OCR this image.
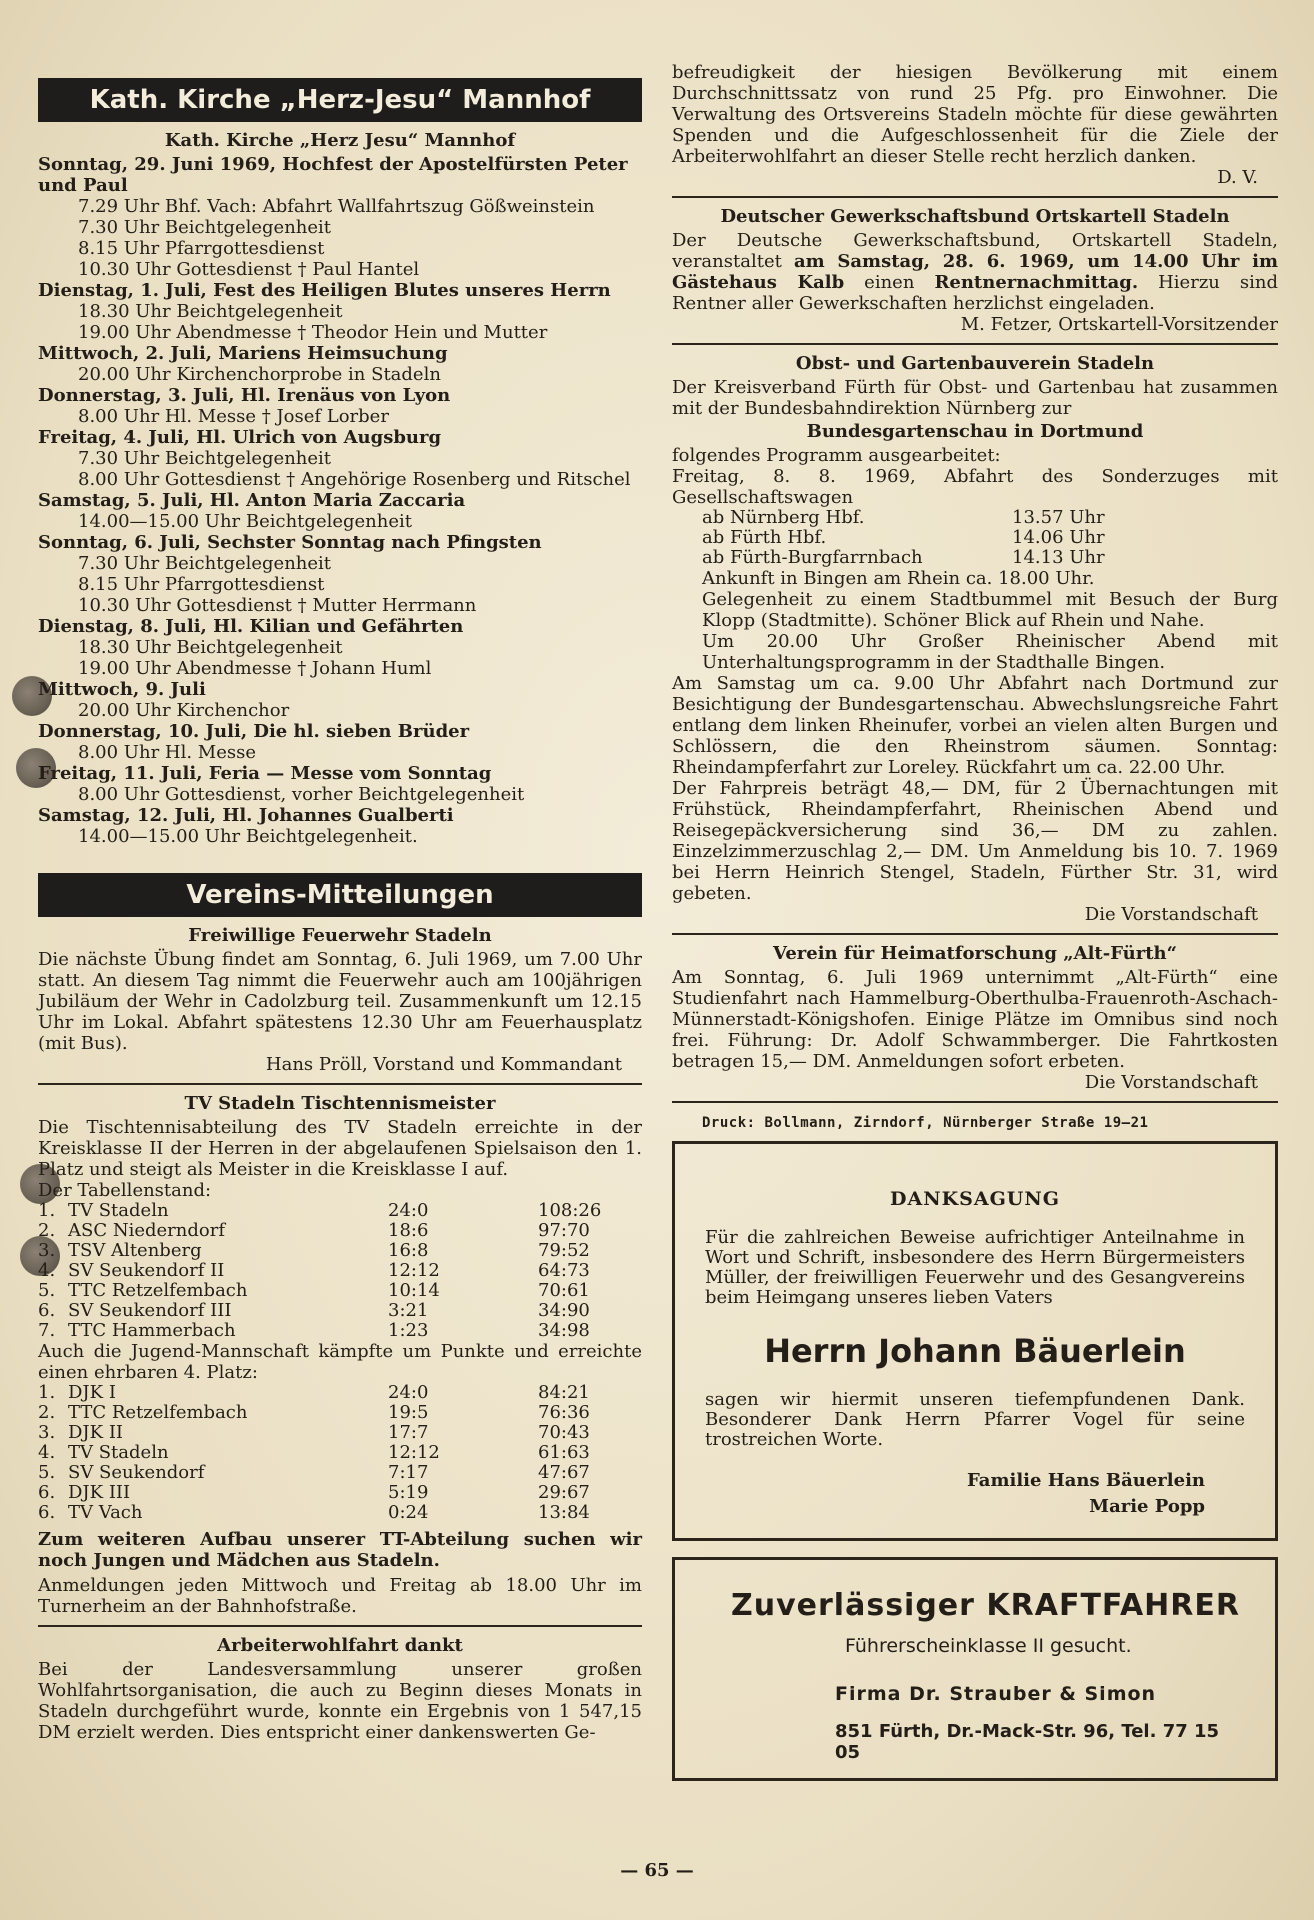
Kath. Kirche „Herz-Jesu“ Mannhof
Kath. Kirche „Herz Jesu“ Mannhof
Sonntag, 29. Juni 1969, Hochfest der Apostelfürsten Peter und Paul
7.29 Uhr Bhf. Vach: Abfahrt Wallfahrtszug Gößweinstein
7.30 Uhr Beichtgelegenheit
8.15 Uhr Pfarrgottesdienst
10.30 Uhr Gottesdienst † Paul Hantel
Dienstag, 1. Juli, Fest des Heiligen Blutes unseres Herrn
18.30 Uhr Beichtgelegenheit
19.00 Uhr Abendmesse † Theodor Hein und Mutter
Mittwoch, 2. Juli, Mariens Heimsuchung
20.00 Uhr Kirchenchorprobe in Stadeln
Donnerstag, 3. Juli, Hl. Irenäus von Lyon
8.00 Uhr Hl. Messe † Josef Lorber
Freitag, 4. Juli, Hl. Ulrich von Augsburg
7.30 Uhr Beichtgelegenheit
8.00 Uhr Gottesdienst † Angehörige Rosenberg und Ritschel
Samstag, 5. Juli, Hl. Anton Maria Zaccaria
14.00—15.00 Uhr Beichtgelegenheit
Sonntag, 6. Juli, Sechster Sonntag nach Pfingsten
7.30 Uhr Beichtgelegenheit
8.15 Uhr Pfarrgottesdienst
10.30 Uhr Gottesdienst † Mutter Herrmann
Dienstag, 8. Juli, Hl. Kilian und Gefährten
18.30 Uhr Beichtgelegenheit
19.00 Uhr Abendmesse † Johann Huml
Mittwoch, 9. Juli
20.00 Uhr Kirchenchor
Donnerstag, 10. Juli, Die hl. sieben Brüder
8.00 Uhr Hl. Messe
Freitag, 11. Juli, Feria — Messe vom Sonntag
8.00 Uhr Gottesdienst, vorher Beichtgelegenheit
Samstag, 12. Juli, Hl. Johannes Gualberti
14.00—15.00 Uhr Beichtgelegenheit.
Vereins-Mitteilungen
Freiwillige Feuerwehr Stadeln

Die nächste Übung findet am Sonntag, 6. Juli 1969, um 7.00 Uhr statt. An diesem Tag nimmt die Feuerwehr auch am 100jährigen Jubiläum der Wehr in Cadolzburg teil. Zusammenkunft um 12.15 Uhr im Lokal. Abfahrt spätestens 12.30 Uhr am Feuerhausplatz (mit Bus).

Hans Pröll, Vorstand und Kommandant
TV Stadeln Tischtennismeister

Die Tischtennisabteilung des TV Stadeln erreichte in der Kreisklasse II der Herren in der abgelaufenen Spielsaison den 1. Platz und steigt als Meister in die Kreisklasse I auf.

Der Tabellenstand:
1.	TV Stadeln	24:0	108:26
2.	ASC Niederndorf	18:6	97:70
3.	TSV Altenberg	16:8	79:52
4.	SV Seukendorf II	12:12	64:73
5.	TTC Retzelfembach	10:14	70:61
6.	SV Seukendorf III	3:21	34:90
7.	TTC Hammerbach	1:23	34:98

Auch die Jugend-Mannschaft kämpfte um Punkte und erreichte einen ehrbaren 4. Platz:

1.	DJK I	24:0	84:21
2.	TTC Retzelfembach	19:5	76:36
3.	DJK II	17:7	70:43
4.	TV Stadeln	12:12	61:63
5.	SV Seukendorf	7:17	47:67
6.	DJK III	5:19	29:67
6.	TV Vach	0:24	13:84

Zum weiteren Aufbau unserer TT-Abteilung suchen wir noch Jungen und Mädchen aus Stadeln.

Anmeldungen jeden Mittwoch und Freitag ab 18.00 Uhr im Turnerheim an der Bahnhofstraße.

Arbeiterwohlfahrt dankt

Bei der Landesversammlung unserer großen Wohlfahrtsorganisation, die auch zu Beginn dieses Monats in Stadeln durchgeführt wurde, konnte ein Ergebnis von 1 547,15 DM erzielt werden. Dies entspricht einer dankenswerten Ge-

befreudigkeit der hiesigen Bevölkerung mit einem Durchschnittssatz von rund 25 Pfg. pro Einwohner. Die Verwaltung des Ortsvereins Stadeln möchte für diese gewährten Spenden und die Aufgeschlossenheit für die Ziele der Arbeiterwohlfahrt an dieser Stelle recht herzlich danken.

D. V.
Deutscher Gewerkschaftsbund Ortskartell Stadeln

Der Deutsche Gewerkschaftsbund, Ortskartell Stadeln, veranstaltet am Samstag, 28. 6. 1969, um 14.00 Uhr im Gästehaus Kalb einen Rentnernachmittag. Hierzu sind Rentner aller Gewerkschaften herzlichst eingeladen.

M. Fetzer, Ortskartell-Vorsitzender
Obst- und Gartenbauverein Stadeln

Der Kreisverband Fürth für Obst- und Gartenbau hat zusammen mit der Bundesbahndirektion Nürnberg zur

Bundesgartenschau in Dortmund
folgendes Programm ausgearbeitet:

Freitag, 8. 8. 1969, Abfahrt des Sonderzuges mit Gesellschaftswagen

ab Nürnberg Hbf.	13.57 Uhr
ab Fürth Hbf.	14.06 Uhr
ab Fürth-Burgfarrnbach	14.13 Uhr

Ankunft in Bingen am Rhein ca. 18.00 Uhr.

Gelegenheit zu einem Stadtbummel mit Besuch der Burg Klopp (Stadtmitte). Schöner Blick auf Rhein und Nahe.

Um 20.00 Uhr Großer Rheinischer Abend mit Unterhaltungsprogramm in der Stadthalle Bingen.

Am Samstag um ca. 9.00 Uhr Abfahrt nach Dortmund zur Besichtigung der Bundesgartenschau. Abwechslungsreiche Fahrt entlang dem linken Rheinufer, vorbei an vielen alten Burgen und Schlössern, die den Rheinstrom säumen. Sonntag: Rheindampferfahrt zur Loreley. Rückfahrt um ca. 22.00 Uhr.

Der Fahrpreis beträgt 48,— DM, für 2 Übernachtungen mit Frühstück, Rheindampferfahrt, Rheinischen Abend und Reisegepäckversicherung sind 36,— DM zu zahlen. Einzelzimmerzuschlag 2,— DM. Um Anmeldung bis 10. 7. 1969 bei Herrn Heinrich Stengel, Stadeln, Fürther Str. 31, wird gebeten.

Die Vorstandschaft
Verein für Heimatforschung „Alt-Fürth“

Am Sonntag, 6. Juli 1969 unternimmt „Alt-Fürth“ eine Studienfahrt nach Hammelburg-Oberthulba-Frauenroth-Aschach-Münnerstadt-Königshofen. Einige Plätze im Omnibus sind noch frei. Führung: Dr. Adolf Schwammberger. Die Fahrtkosten betragen 15,— DM. Anmeldungen sofort erbeten.

Die Vorstandschaft
Druck: Bollmann, Zirndorf, Nürnberger Straße 19—21
DANKSAGUNG
Für die zahlreichen Beweise aufrichtiger Anteilnahme in Wort und Schrift, insbesondere des Herrn Bürgermeisters Müller, der freiwilligen Feuerwehr und des Gesangvereins beim Heimgang unseres lieben Vaters
Herrn Johann Bäuerlein
sagen wir hiermit unseren tiefempfundenen Dank. Besonderer Dank Herrn Pfarrer Vogel für seine trostreichen Worte.
Familie Hans Bäuerlein
Marie Popp
Zuverlässiger KRAFTFAHRER
Führerscheinklasse II gesucht.
Firma Dr. Strauber & Simon
851 Fürth, Dr.-Mack-Str. 96, Tel. 77 15 05
— 65 —
